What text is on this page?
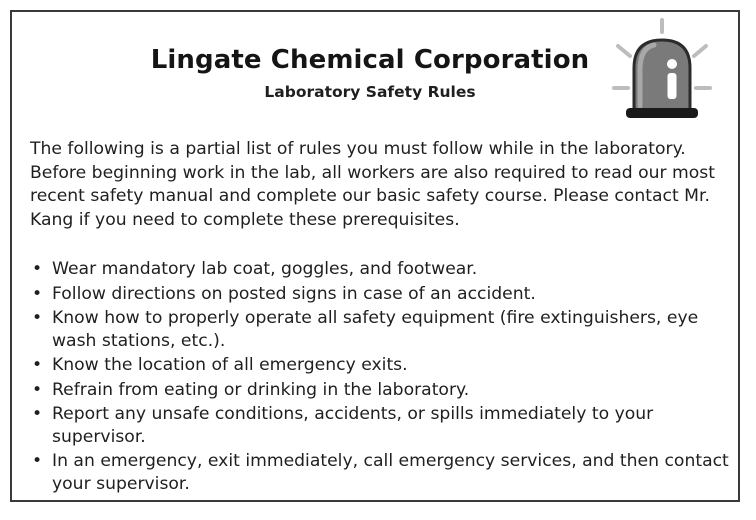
Lingate Chemical Corporation
Laboratory Safety Rules

The following is a partial list of rules you must follow while in the laboratory. Before beginning work in the lab, all workers are also required to read our most recent safety manual and complete our basic safety course. Please contact Mr. Kang if you need to complete these prerequisites.

• Wear mandatory lab coat, goggles, and footwear.
• Follow directions on posted signs in case of an accident.
• Know how to properly operate all safety equipment (fire extinguishers, eye wash stations, etc.).
• Know the location of all emergency exits.
• Refrain from eating or drinking in the laboratory.
• Report any unsafe conditions, accidents, or spills immediately to your supervisor.
• In an emergency, exit immediately, call emergency services, and then contact your supervisor.
